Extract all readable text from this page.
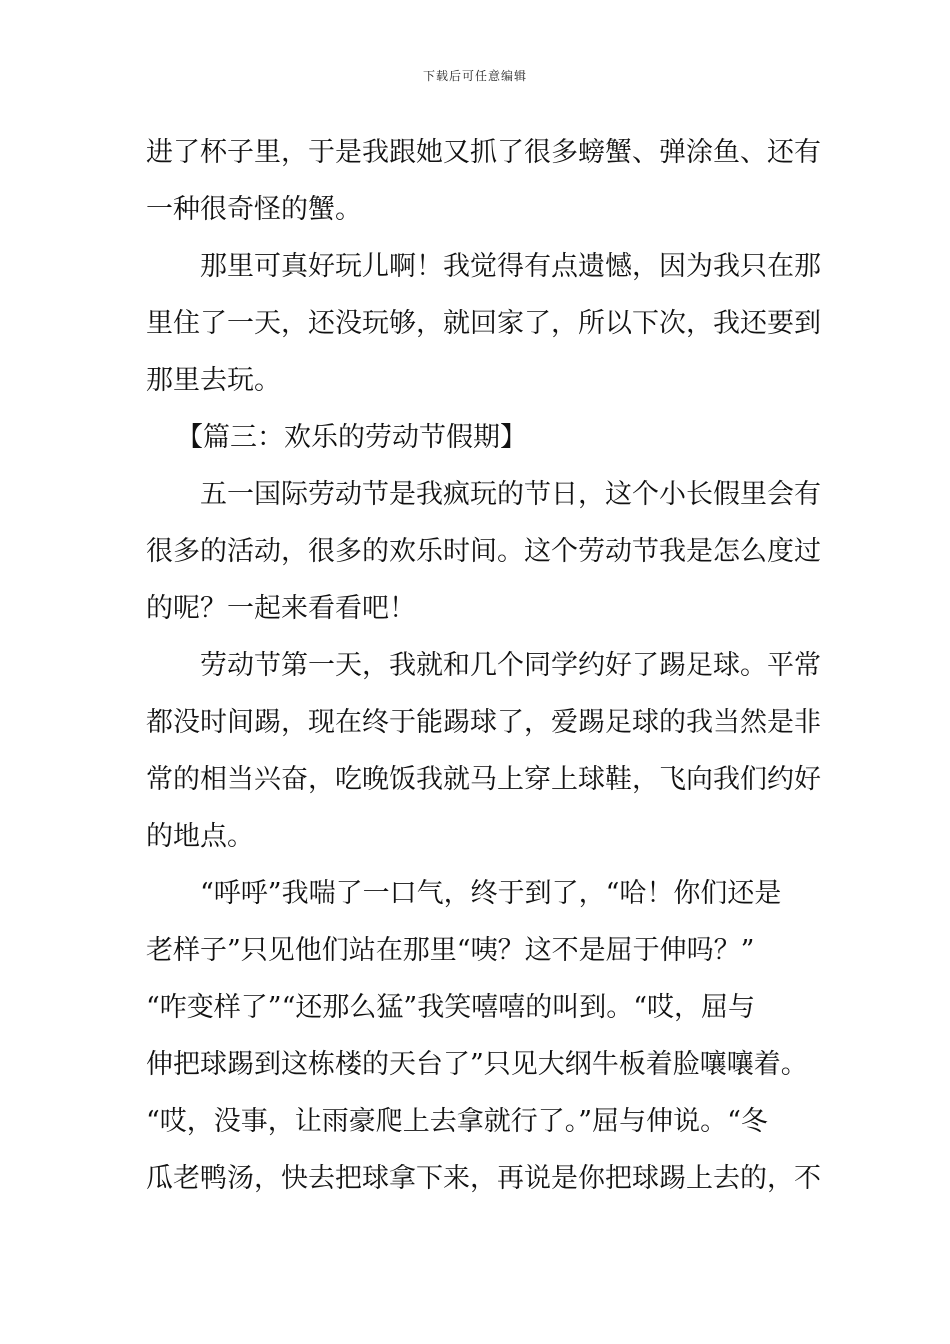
下载后可任意编辑
进了杯子里，于是我跟她又抓了很多螃蟹、弹涂鱼、还有
一种很奇怪的蟹。
那里可真好玩儿啊！我觉得有点遗憾，因为我只在那
里住了一天，还没玩够，就回家了，所以下次，我还要到
那里去玩。
【篇三：欢乐的劳动节假期】
五一国际劳动节是我疯玩的节日，这个小长假里会有
很多的活动，很多的欢乐时间。这个劳动节我是怎么度过
的呢？一起来看看吧！
劳动节第一天，我就和几个同学约好了踢足球。平常
都没时间踢，现在终于能踢球了，爱踢足球的我当然是非
常的相当兴奋，吃晚饭我就马上穿上球鞋，飞向我们约好
的地点。
“呼呼”我喘了一口气，终于到了，“哈！你们还是
老样子”只见他们站在那里“咦？这不是屈于伸吗？”
“咋变样了”“还那么猛”我笑嘻嘻的叫到。“哎，屈与
伸把球踢到这栋楼的天台了”只见大纲牛板着脸嚷嚷着。
“哎，没事，让雨豪爬上去拿就行了。”屈与伸说。“冬
瓜老鸭汤，快去把球拿下来，再说是你把球踢上去的，不
